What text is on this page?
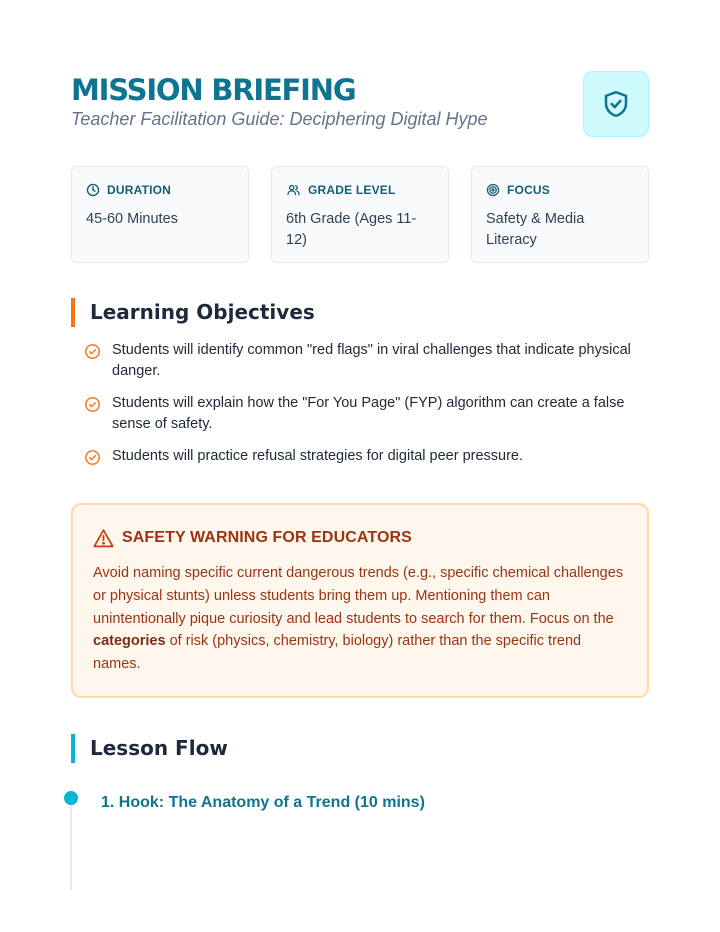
MISSION BRIEFING
Teacher Facilitation Guide: Deciphering Digital Hype
DURATION
45-60 Minutes
GRADE LEVEL
6th Grade (Ages 11-12)
FOCUS
Safety & Media Literacy
Learning Objectives
Students will identify common "red flags" in viral challenges that indicate physical danger.
Students will explain how the "For You Page" (FYP) algorithm can create a false sense of safety.
Students will practice refusal strategies for digital peer pressure.
SAFETY WARNING FOR EDUCATORS

Avoid naming specific current dangerous trends (e.g., specific chemical challenges or physical stunts) unless students bring them up. Mentioning them can unintentionally pique curiosity and lead students to search for them. Focus on the categories of risk (physics, chemistry, biology) rather than the specific trend names.

Lesson Flow
1. Hook: The Anatomy of a Trend (10 mins)
